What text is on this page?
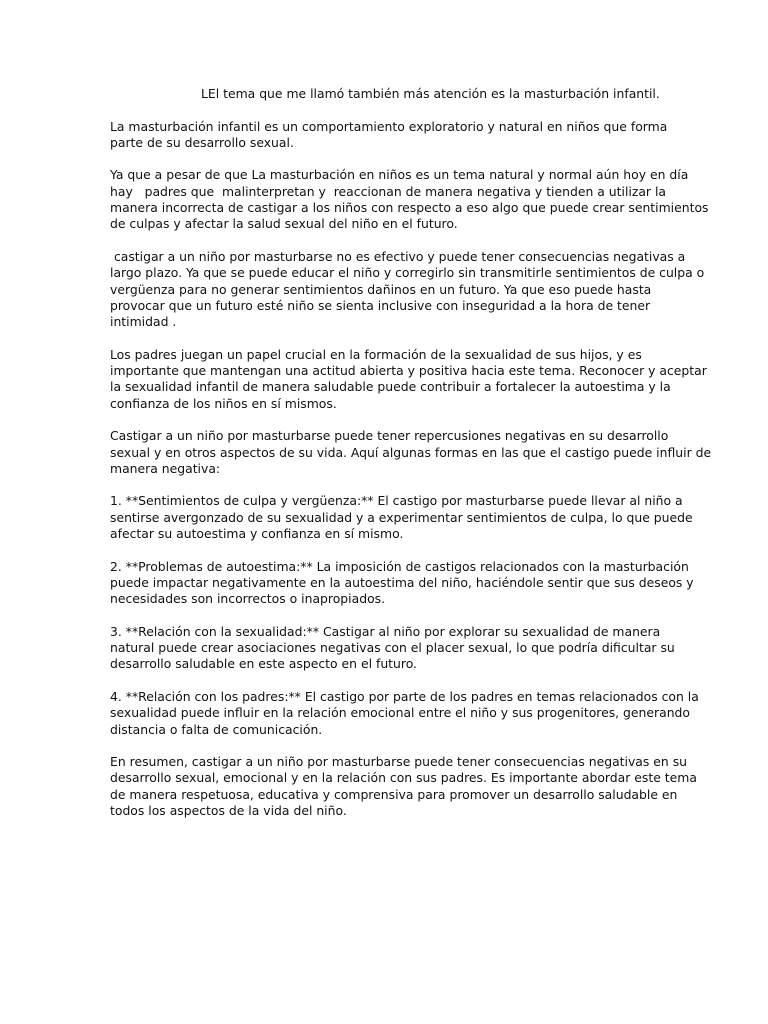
LEl tema que me llamó también más atención es la masturbación infantil.

La masturbación infantil es un comportamiento exploratorio y natural en niños que forma
parte de su desarrollo sexual.

Ya que a pesar de que La masturbación en niños es un tema natural y normal aún hoy en día
hay   padres que  malinterpretan y  reaccionan de manera negativa y tienden a utilizar la
manera incorrecta de castigar a los niños con respecto a eso algo que puede crear sentimientos
de culpas y afectar la salud sexual del niño en el futuro.

castigar a un niño por masturbarse no es efectivo y puede tener consecuencias negativas a
largo plazo. Ya que se puede educar el niño y corregirlo sin transmitirle sentimientos de culpa o
vergüenza para no generar sentimientos dañinos en un futuro. Ya que eso puede hasta
provocar que un futuro esté niño se sienta inclusive con inseguridad a la hora de tener
intimidad .

Los padres juegan un papel crucial en la formación de la sexualidad de sus hijos, y es
importante que mantengan una actitud abierta y positiva hacia este tema. Reconocer y aceptar
la sexualidad infantil de manera saludable puede contribuir a fortalecer la autoestima y la
confianza de los niños en sí mismos.

Castigar a un niño por masturbarse puede tener repercusiones negativas en su desarrollo
sexual y en otros aspectos de su vida. Aquí algunas formas en las que el castigo puede influir de
manera negativa:

1. **Sentimientos de culpa y vergüenza:** El castigo por masturbarse puede llevar al niño a
sentirse avergonzado de su sexualidad y a experimentar sentimientos de culpa, lo que puede
afectar su autoestima y confianza en sí mismo.

2. **Problemas de autoestima:** La imposición de castigos relacionados con la masturbación
puede impactar negativamente en la autoestima del niño, haciéndole sentir que sus deseos y
necesidades son incorrectos o inapropiados.

3. **Relación con la sexualidad:** Castigar al niño por explorar su sexualidad de manera
natural puede crear asociaciones negativas con el placer sexual, lo que podría dificultar su
desarrollo saludable en este aspecto en el futuro.

4. **Relación con los padres:** El castigo por parte de los padres en temas relacionados con la
sexualidad puede influir en la relación emocional entre el niño y sus progenitores, generando
distancia o falta de comunicación.

En resumen, castigar a un niño por masturbarse puede tener consecuencias negativas en su
desarrollo sexual, emocional y en la relación con sus padres. Es importante abordar este tema
de manera respetuosa, educativa y comprensiva para promover un desarrollo saludable en
todos los aspectos de la vida del niño.
